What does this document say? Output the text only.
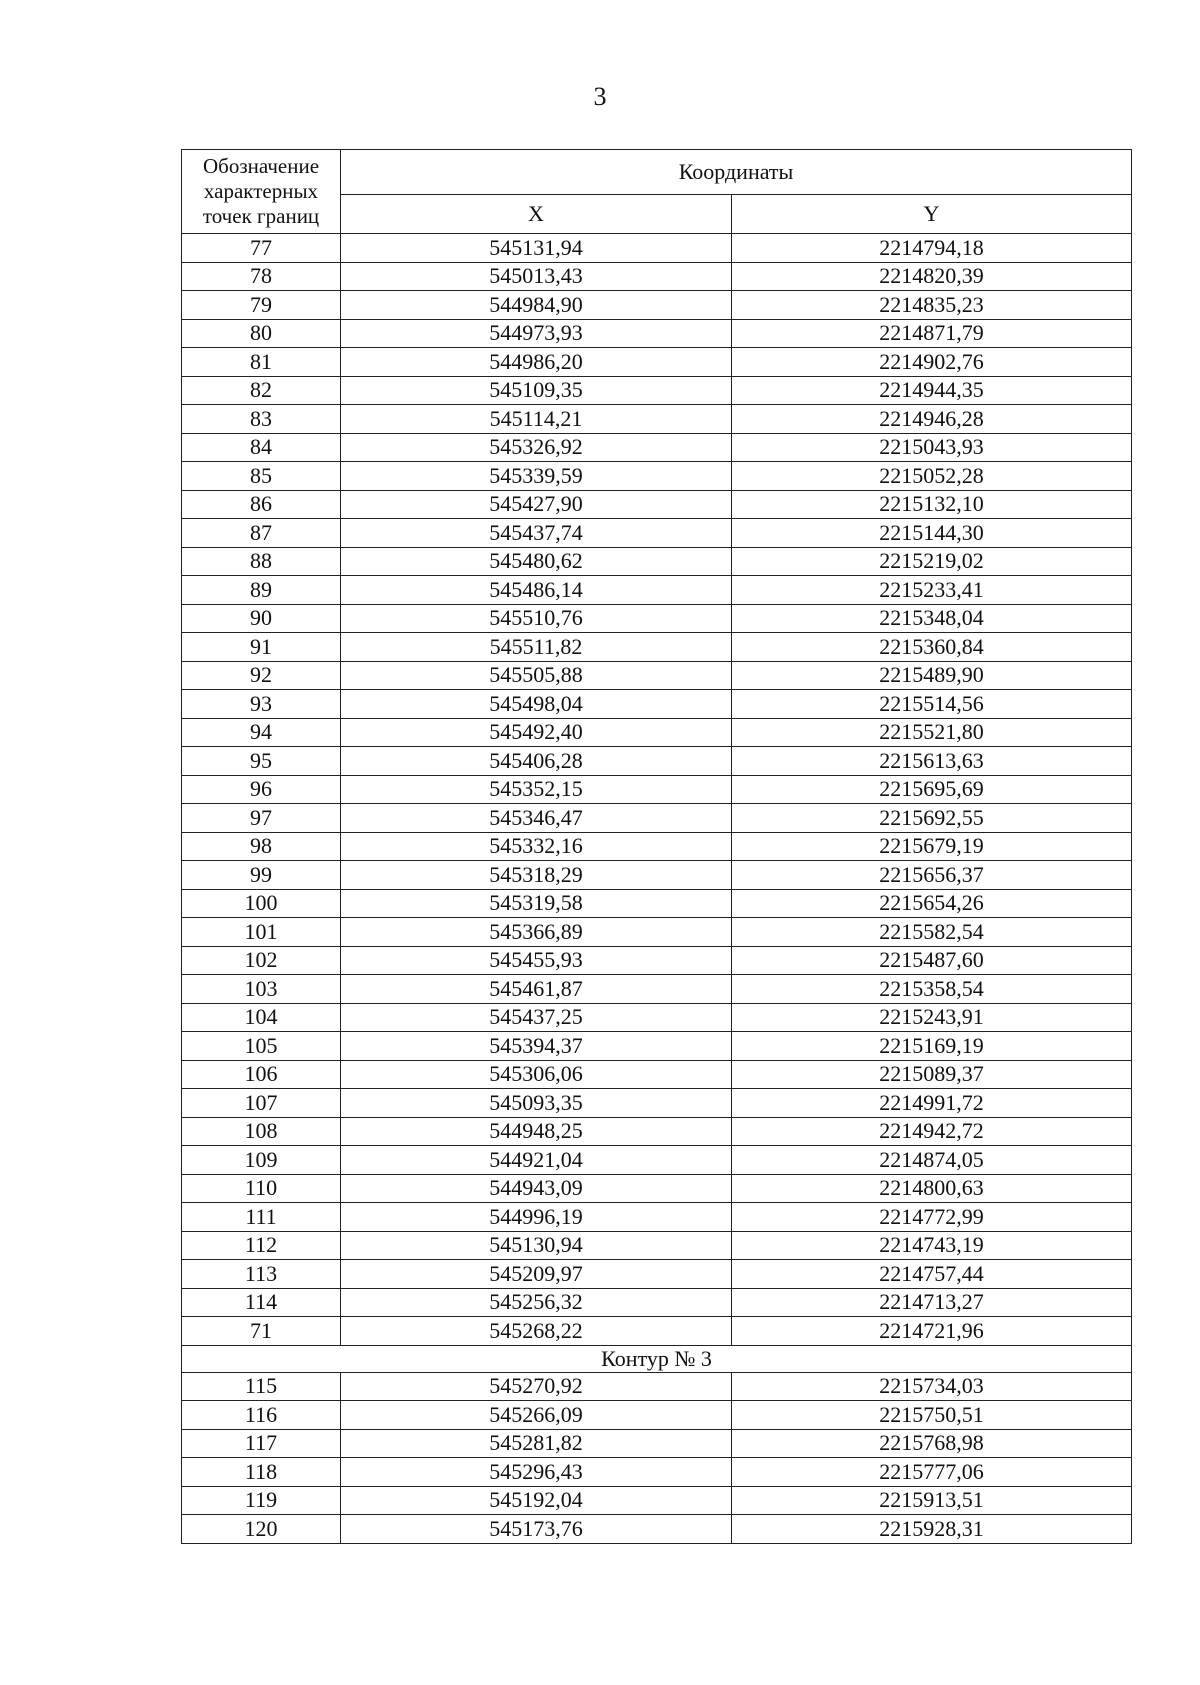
3
Обозначение характерных точек границ	Координаты	
	X	Y
77	545131,94	2214794,18
78	545013,43	2214820,39
79	544984,90	2214835,23
80	544973,93	2214871,79
81	544986,20	2214902,76
82	545109,35	2214944,35
83	545114,21	2214946,28
84	545326,92	2215043,93
85	545339,59	2215052,28
86	545427,90	2215132,10
87	545437,74	2215144,30
88	545480,62	2215219,02
89	545486,14	2215233,41
90	545510,76	2215348,04
91	545511,82	2215360,84
92	545505,88	2215489,90
93	545498,04	2215514,56
94	545492,40	2215521,80
95	545406,28	2215613,63
96	545352,15	2215695,69
97	545346,47	2215692,55
98	545332,16	2215679,19
99	545318,29	2215656,37
100	545319,58	2215654,26
101	545366,89	2215582,54
102	545455,93	2215487,60
103	545461,87	2215358,54
104	545437,25	2215243,91
105	545394,37	2215169,19
106	545306,06	2215089,37
107	545093,35	2214991,72
108	544948,25	2214942,72
109	544921,04	2214874,05
110	544943,09	2214800,63
111	544996,19	2214772,99
112	545130,94	2214743,19
113	545209,97	2214757,44
114	545256,32	2214713,27
71	545268,22	2214721,96
Контур № 3		
115	545270,92	2215734,03
116	545266,09	2215750,51
117	545281,82	2215768,98
118	545296,43	2215777,06
119	545192,04	2215913,51
120	545173,76	2215928,31
